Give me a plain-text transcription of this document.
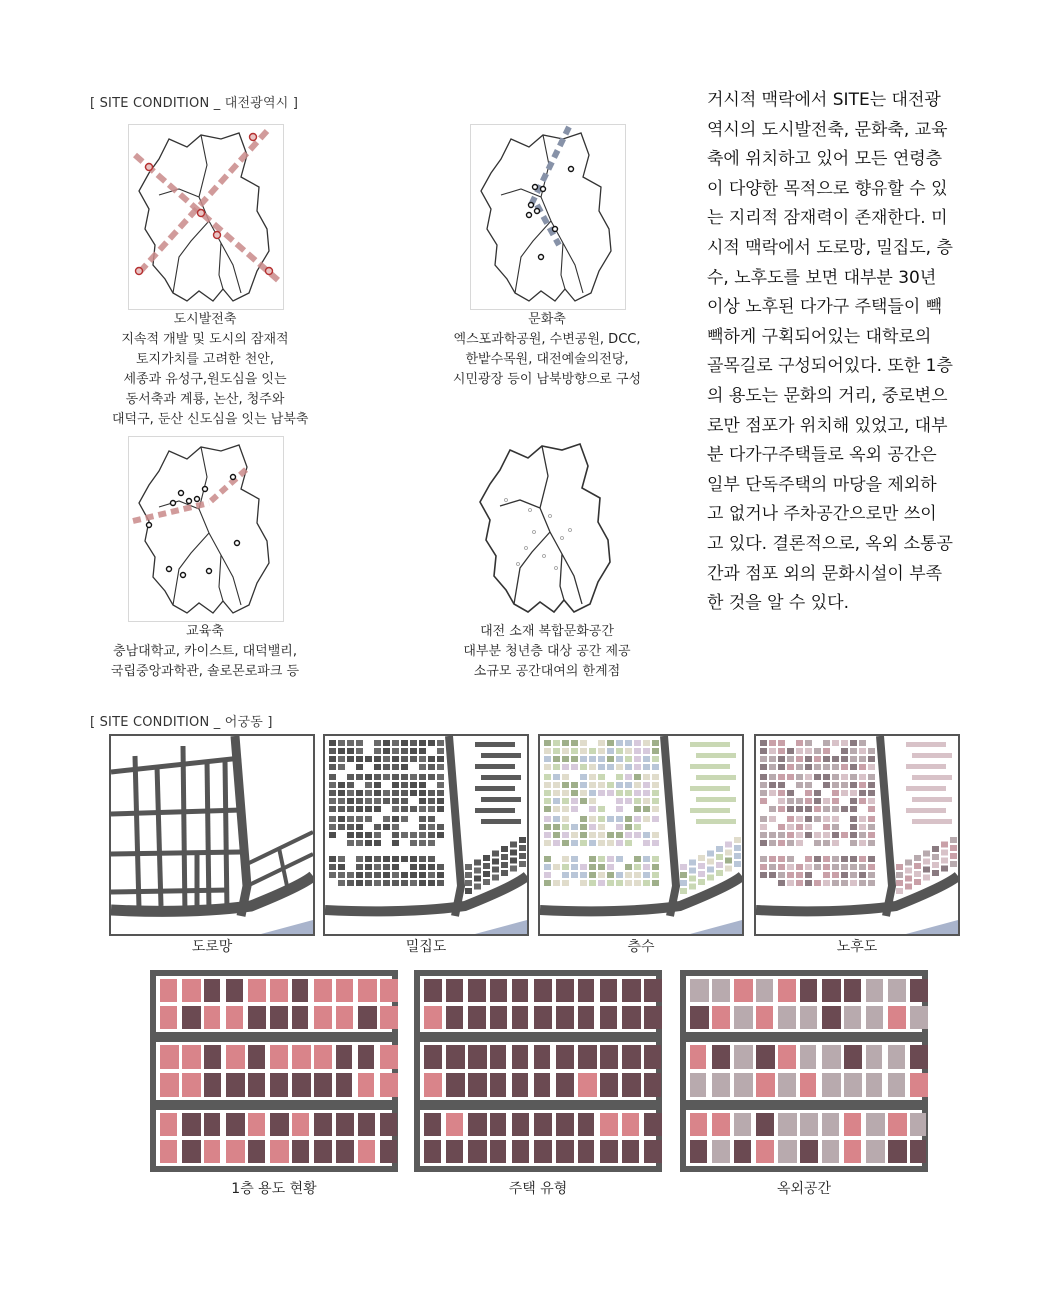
[ SITE CONDITION _ 대전광역시 ]
도시발전축
지속적 개발 및 도시의 잠재적
토지가치를 고려한 천안,
세종과 유성구,원도심을 잇는
동서축과 계룡, 논산, 청주와
대덕구, 둔산 신도심을 잇는 남북축
문화축
엑스포과학공원, 수변공원, DCC,
한밭수목원, 대전예술의전당,
시민광장 등이 남북방향으로 구성
교육축
충남대학교, 카이스트, 대덕밸리,
국립중앙과학관, 솔로몬로파크 등
대전 소재 복합문화공간
대부분 청년층 대상 공간 제공
소규모 공간대여의 한계점
거시적 맥락에서 SITE는 대전광
역시의 도시발전축, 문화축, 교육
축에 위치하고 있어 모든 연령층
이 다양한 목적으로 향유할 수 있
는 지리적 잠재력이 존재한다. 미
시적 맥락에서 도로망, 밀집도, 층
수, 노후도를 보면 대부분 30년
이상 노후된 다가구 주택들이 빽
빽하게 구획되어있는 대학로의
골목길로 구성되어있다. 또한 1층
의 용도는 문화의 거리, 중로변으
로만 점포가 위치해 있었고, 대부
분 다가구주택들로 옥외 공간은
일부 단독주택의 마당을 제외하
고 없거나 주차공간으로만 쓰이
고 있다. 결론적으로, 옥외 소통공
간과 점포 외의 문화시설이 부족
한 것을 알 수 있다.
[ SITE CONDITION _ 어궁동 ]
도로망	밀집도	층수	노후도
1층 용도 현황	주택 유형	옥외공간
